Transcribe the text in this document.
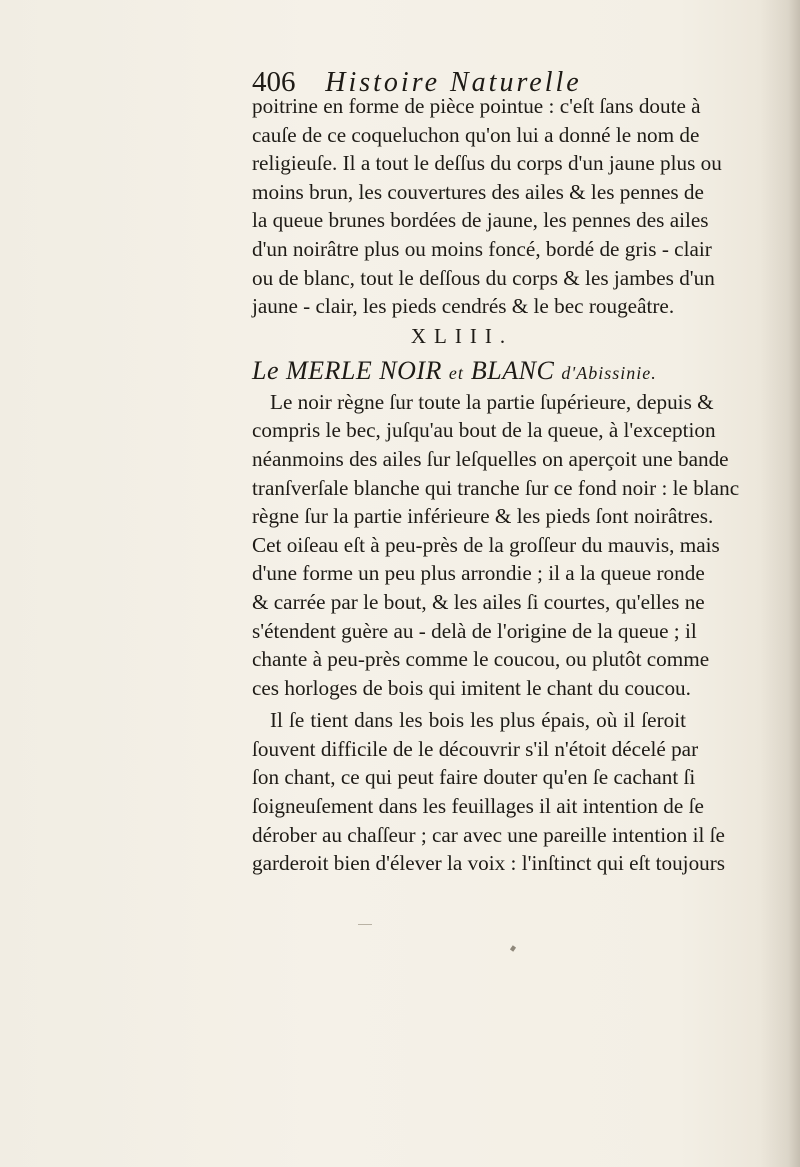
406 Histoire Naturelle
poitrine en forme de pièce pointue : c'eſt ſans doute à
cauſe de ce coqueluchon qu'on lui a donné le nom de
religieuſe. Il a tout le deſſus du corps d'un jaune plus ou
moins brun, les couvertures des ailes & les pennes de
la queue brunes bordées de jaune, les pennes des ailes
d'un noirâtre plus ou moins foncé, bordé de gris - clair
ou de blanc, tout le deſſous du corps & les jambes d'un
jaune - clair, les pieds cendrés & le bec rougeâtre.
XLIII.
Le MERLE NOIR et BLANC d'Abissinie.
Le noir règne ſur toute la partie ſupérieure, depuis &
compris le bec, juſqu'au bout de la queue, à l'exception
néanmoins des ailes ſur leſquelles on aperçoit une bande
tranſverſale blanche qui tranche ſur ce fond noir : le blanc
règne ſur la partie inférieure & les pieds ſont noirâtres.
Cet oiſeau eſt à peu-près de la groſſeur du mauvis, mais
d'une forme un peu plus arrondie ; il a la queue ronde
& carrée par le bout, & les ailes ſi courtes, qu'elles ne
s'étendent guère au - delà de l'origine de la queue ; il
chante à peu-près comme le coucou, ou plutôt comme
ces horloges de bois qui imitent le chant du coucou.
Il ſe tient dans les bois les plus épais, où il ſeroit
ſouvent difficile de le découvrir s'il n'étoit décelé par
ſon chant, ce qui peut faire douter qu'en ſe cachant ſi
ſoigneuſement dans les feuillages il ait intention de ſe
dérober au chaſſeur ; car avec une pareille intention il ſe
garderoit bien d'élever la voix : l'inſtinct qui eſt toujours
